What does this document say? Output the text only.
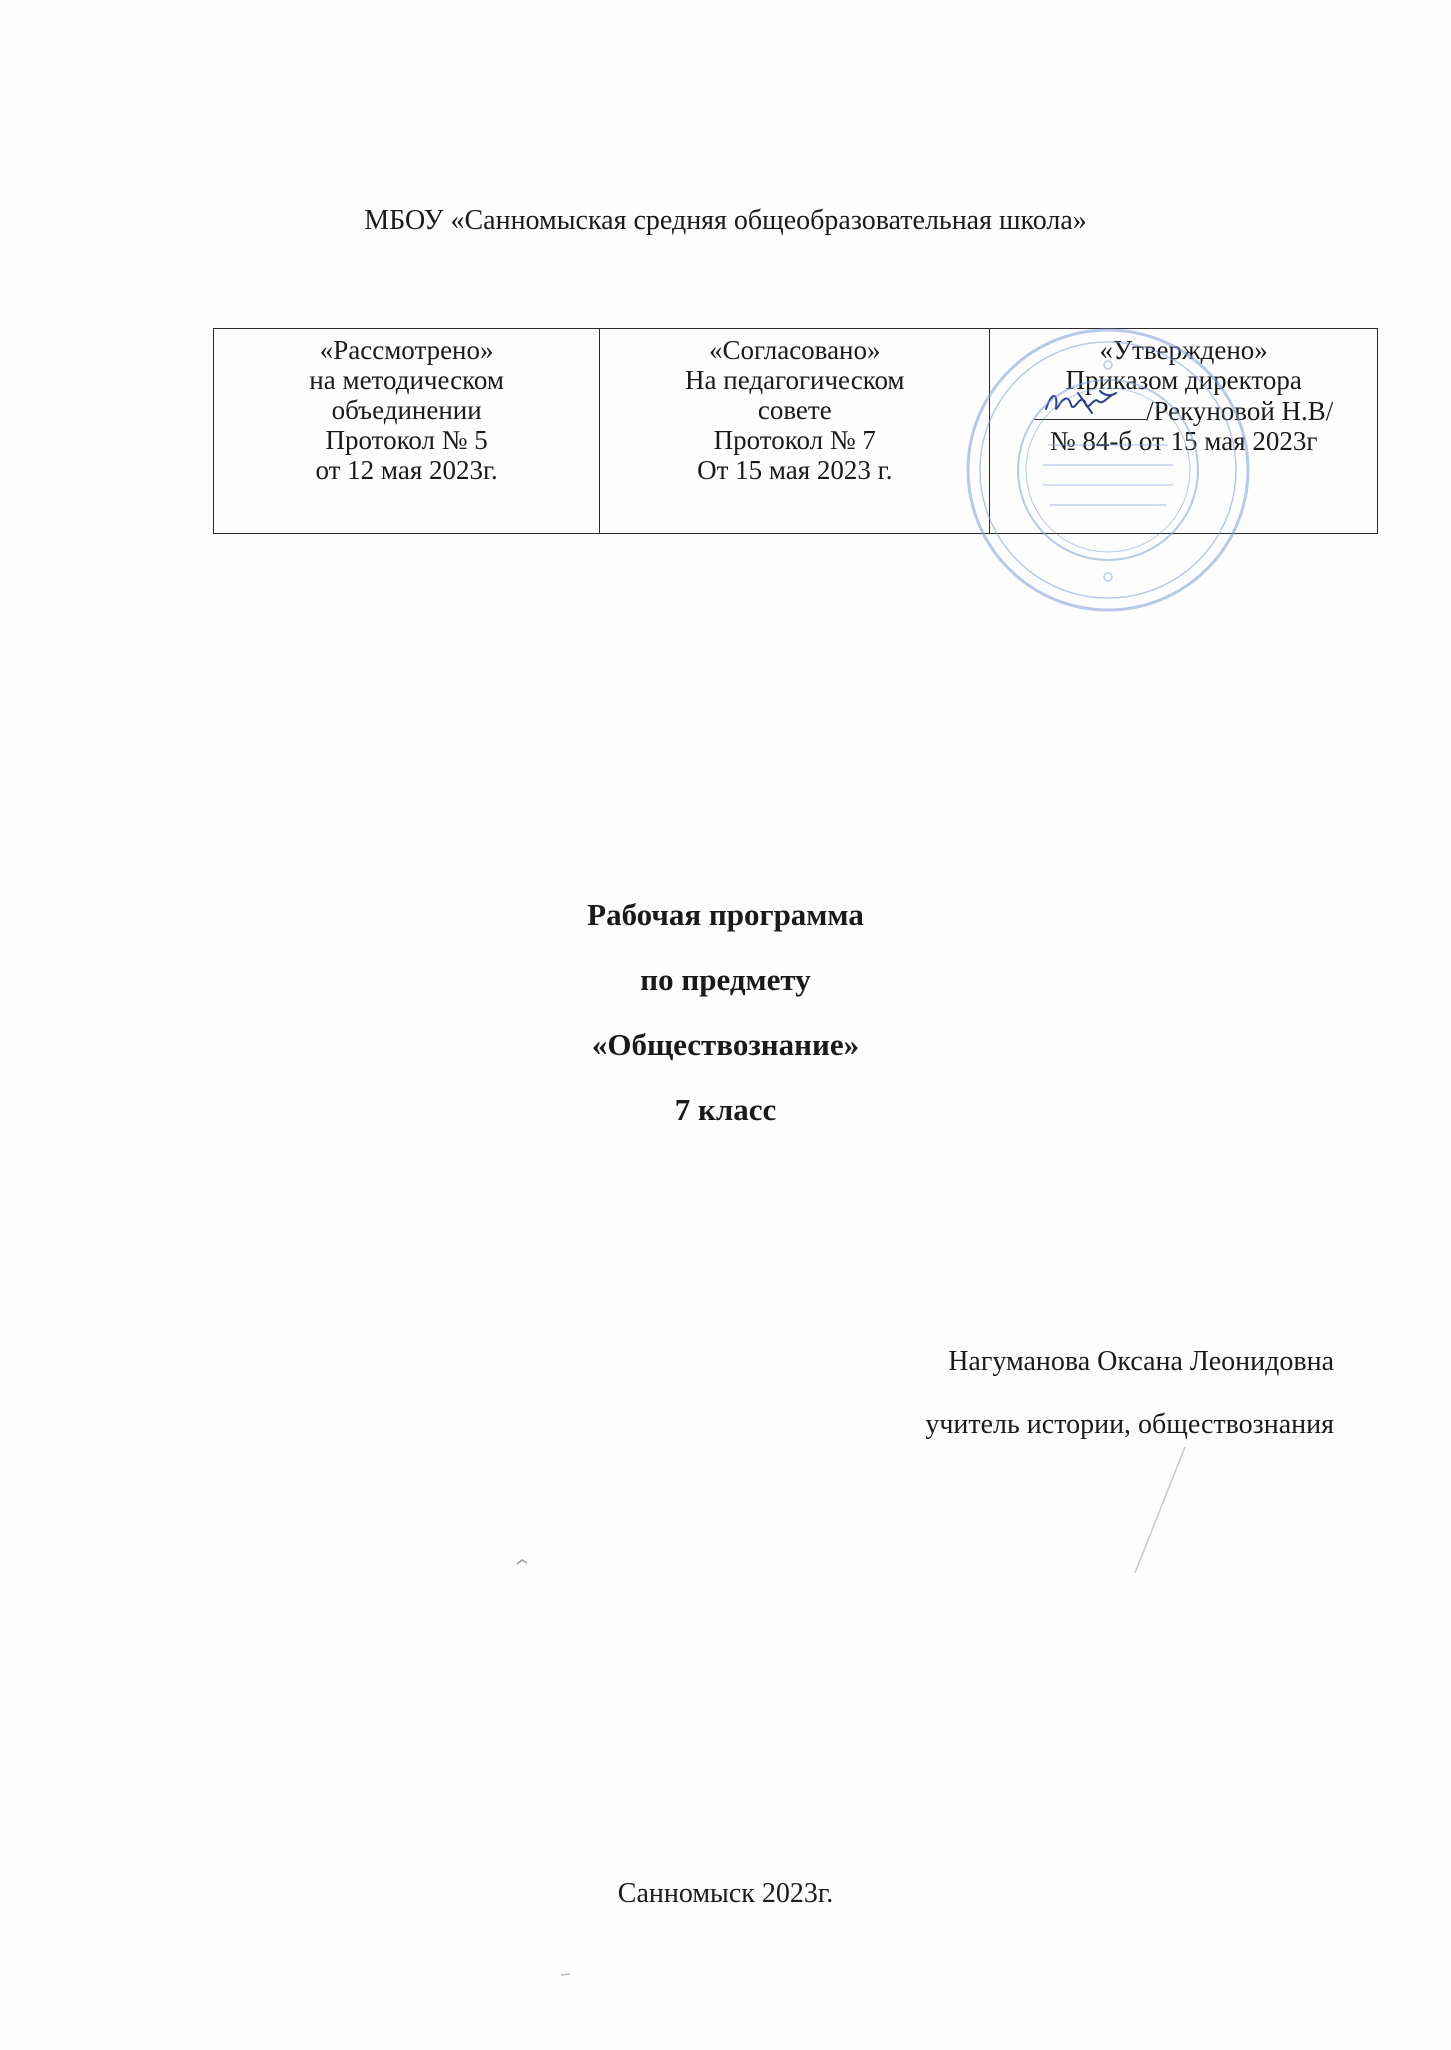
МБОУ «Санномыская средняя общеобразовательная школа»
«Рассмотрено»
на методическом
объединении
Протокол № 5
от 12 мая 2023г.

«Согласовано»
На педагогическом
совете
Протокол № 7
От 15 мая 2023 г.

«Утверждено»
Приказом директора
/Рекуновой Н.В/
№ 84-б от 15 мая 2023г
Рабочая программа
по предмету
«Обществознание»
7 класс
Нагуманова Оксана Леонидовна
учитель истории, обществознания
Санномыск 2023г.
